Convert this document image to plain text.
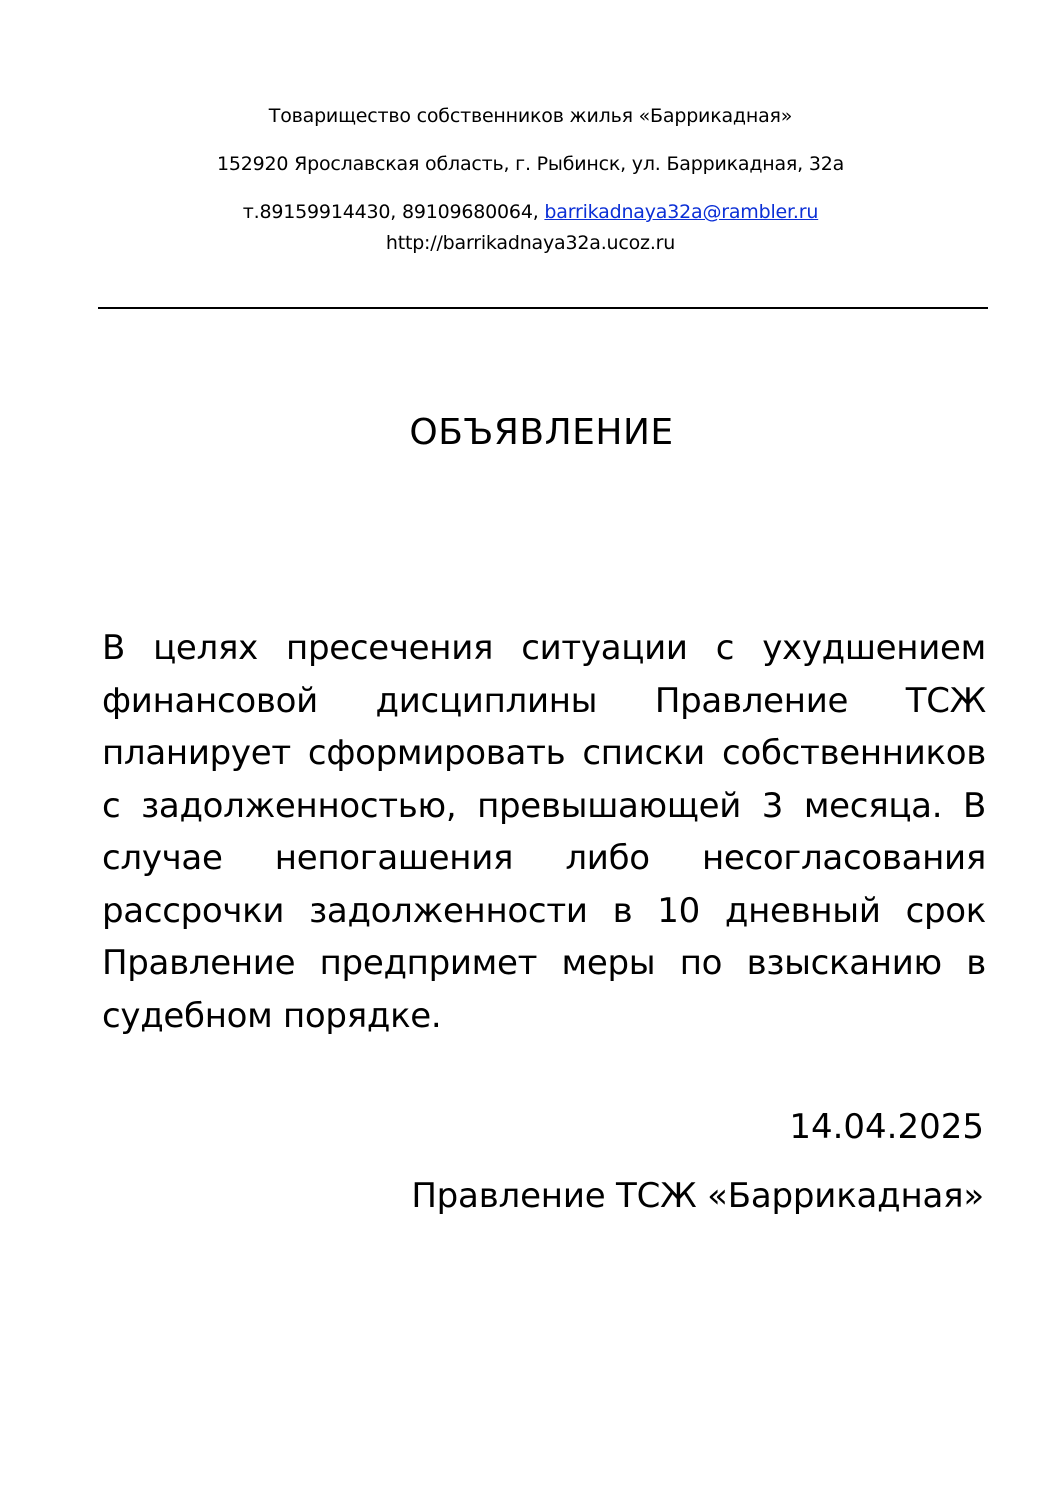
Товарищество собственников жилья «Баррикадная»
152920 Ярославская область, г. Рыбинск, ул. Баррикадная, 32а
т.89159914430, 89109680064, barrikadnaya32a@rambler.ru
http://barrikadnaya32a.ucoz.ru
ОБЪЯВЛЕНИЕ
В целях пресечения ситуации с ухудшением финансовой дисциплины Правление ТСЖ планирует сформировать списки собственников с задолженностью, превышающей 3 месяца. В случае непогашения либо несогласования рассрочки задолженности в 10 дневный срок Правление предпримет меры по взысканию в судебном порядке.
14.04.2025
Правление ТСЖ «Баррикадная»
